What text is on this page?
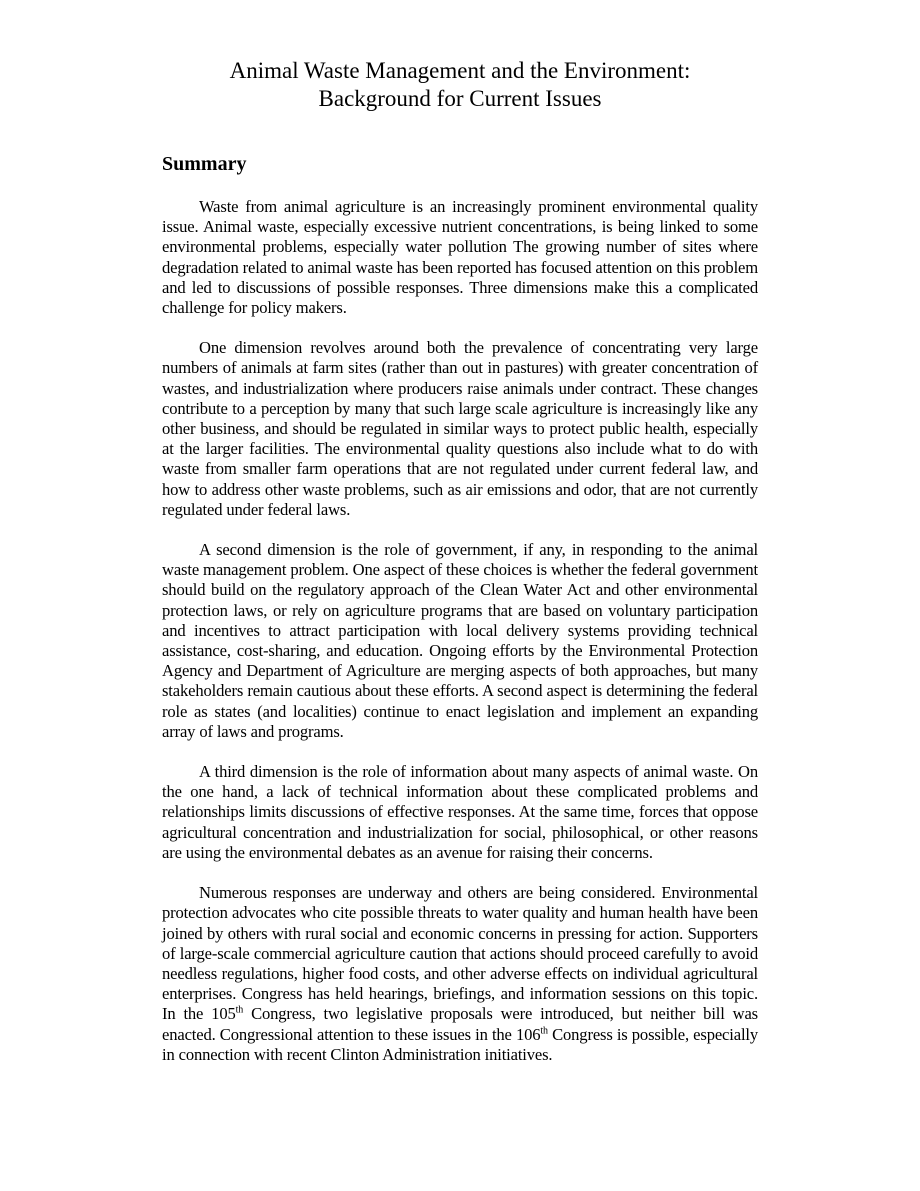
Animal Waste Management and the Environment:
Background for Current Issues
Summary

Waste from animal agriculture is an increasingly prominent environmental quality issue. Animal waste, especially excessive nutrient concentrations, is being linked to some environmental problems, especially water pollution The growing number of sites where degradation related to animal waste has been reported has focused attention on this problem and led to discussions of possible responses. Three dimensions make this a complicated challenge for policy makers.

One dimension revolves around both the prevalence of concentrating very large numbers of animals at farm sites (rather than out in pastures) with greater concentration of wastes, and industrialization where producers raise animals under contract. These changes contribute to a perception by many that such large scale agriculture is increasingly like any other business, and should be regulated in similar ways to protect public health, especially at the larger facilities. The environmental quality questions also include what to do with waste from smaller farm operations that are not regulated under current federal law, and how to address other waste problems, such as air emissions and odor, that are not currently regulated under federal laws.

A second dimension is the role of government, if any, in responding to the animal waste management problem. One aspect of these choices is whether the federal government should build on the regulatory approach of the Clean Water Act and other environmental protection laws, or rely on agriculture programs that are based on voluntary participation and incentives to attract participation with local delivery systems providing technical assistance, cost-sharing, and education. Ongoing efforts by the Environmental Protection Agency and Department of Agriculture are merging aspects of both approaches, but many stakeholders remain cautious about these efforts. A second aspect is determining the federal role as states (and localities) continue to enact legislation and implement an expanding array of laws and programs.

A third dimension is the role of information about many aspects of animal waste. On the one hand, a lack of technical information about these complicated problems and relationships limits discussions of effective responses. At the same time, forces that oppose agricultural concentration and industrialization for social, philosophical, or other reasons are using the environmental debates as an avenue for raising their concerns.

Numerous responses are underway and others are being considered. Environmental protection advocates who cite possible threats to water quality and human health have been joined by others with rural social and economic concerns in pressing for action. Supporters of large-scale commercial agriculture caution that actions should proceed carefully to avoid needless regulations, higher food costs, and other adverse effects on individual agricultural enterprises. Congress has held hearings, briefings, and information sessions on this topic. In the 105th Congress, two legislative proposals were introduced, but neither bill was enacted. Congressional attention to these issues in the 106th Congress is possible, especially in connection with recent Clinton Administration initiatives.
